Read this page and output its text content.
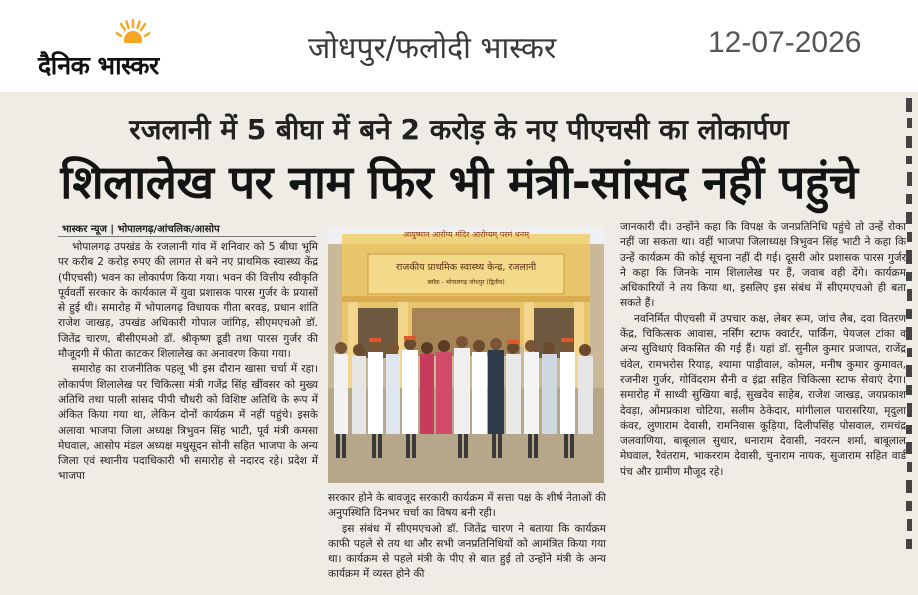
दैनिक भास्कर	जोधपुर/फलोदी भास्कर	12-07-2026
रजलानी में 5 बीघा में बने 2 करोड़ के नए पीएचसी का लोकार्पण
शिलालेख पर नाम फिर भी मंत्री-सांसद नहीं पहुंचे
भास्कर न्यूज | भोपालगढ़/आंचलिक/आसोप

भोपालगढ़ उपखंड के रजलानी गांव में शनिवार को 5 बीघा भूमि पर करीब 2 करोड़ रुपए की लागत से बने नए प्राथमिक स्वास्थ्य केंद्र (पीएचसी) भवन का लोकार्पण किया गया। भवन की वित्तीय स्वीकृति पूर्ववर्ती सरकार के कार्यकाल में युवा प्रशासक पारस गुर्जर के प्रयासों से हुई थी। समारोह में भोपालगढ़ विधायक गीता बरवड़, प्रधान शांति राजेश जाखड़, उपखंड अधिकारी गोपाल जांगिड़, सीएमएचओ डॉ. जितेंद्र चारण, बीसीएमओ डॉ. श्रीकृष्ण डूडी तथा पारस गुर्जर की मौजूदगी में फीता काटकर शिलालेख का अनावरण किया गया।

समारोह का राजनीतिक पहलू भी इस दौरान खासा चर्चा में रहा। लोकार्पण शिलालेख पर चिकित्सा मंत्री गजेंद्र सिंह खींवसर को मुख्य अतिथि तथा पाली सांसद पीपी चौधरी को विशिष्ट अतिथि के रूप में अंकित किया गया था, लेकिन दोनों कार्यक्रम में नहीं पहुंचे। इसके अलावा भाजपा जिला अध्यक्ष त्रिभुवन सिंह भाटी, पूर्व मंत्री कमसा मेघवाल, आसोप मंडल अध्यक्ष मधुसूदन सोनी सहित भाजपा के अन्य जिला एवं स्थानीय पदाधिकारी भी समारोह से नदारद रहे। प्रदेश में भाजपा

आयुष्मान आरोग्य मंदिर आरोग्यम् परमं धनम्
राजकीय प्राथमिक स्वास्थ्य केन्द्र, रजलानी
ब्लॉक - भोपालगढ़ जोधपुर (द्वितीय)

सरकार होने के बावजूद सरकारी कार्यक्रम में सत्ता पक्ष के शीर्ष नेताओं की अनुपस्थिति दिनभर चर्चा का विषय बनी रही।

इस संबंध में सीएमएचओ डॉ. जितेंद्र चारण ने बताया कि कार्यक्रम काफी पहले से तय था और सभी जनप्रतिनिधियों को आमंत्रित किया गया था। कार्यक्रम से पहले मंत्री के पीए से बात हुई तो उन्होंने मंत्री के अन्य कार्यक्रम में व्यस्त होने की

जानकारी दी। उन्होंने कहा कि विपक्ष के जनप्रतिनिधि पहुंचे तो उन्हें रोका नहीं जा सकता था। वहीं भाजपा जिलाध्यक्ष त्रिभुवन सिंह भाटी ने कहा कि उन्हें कार्यक्रम की कोई सूचना नहीं दी गई। दूसरी ओर प्रशासक पारस गुर्जर ने कहा कि जिनके नाम शिलालेख पर हैं, जवाब वही देंगे। कार्यक्रम अधिकारियों ने तय किया था, इसलिए इस संबंध में सीएमएचओ ही बता सकते हैं।

नवनिर्मित पीएचसी में उपचार कक्ष, लेबर रूम, जांच लैब, दवा वितरण केंद्र, चिकित्सक आवास, नर्सिंग स्टाफ क्वार्टर, पार्किंग, पेयजल टांका व अन्य सुविधाएं विकसित की गई हैं। यहां डॉ. सुनील कुमार प्रजापत, राजेंद्र चंवेल, रामभरोस रियाड़, श्यामा पाड़ीवाल, कोमल, मनीष कुमार कुमावत, रजनीश गुर्जर, गोविंदराम सैनी व इंद्रा सहित चिकित्सा स्टाफ सेवाएं देगा। समारोह में साध्वी सुखिया बाई, सुखदेव साहेब, राजेश जाखड़, जयप्रकाश देवड़ा, ओमप्रकाश चोटिया, सलीम ठेकेदार, मांगीलाल पारासरिया, मृदुला कंवर, लुणाराम देवासी, रामनिवास कूड़िया, दिलीपसिंह पोसवाल, रामचंद्र जलवाणिया, बाबूलाल सुथार, धनाराम देवासी, नवरत्न शर्मा, बाबूलाल मेघवाल, रैवंतराम, भाकरराम देवासी, चुनाराम नायक, सुजाराम सहित वार्ड पंच और ग्रामीण मौजूद रहे।
